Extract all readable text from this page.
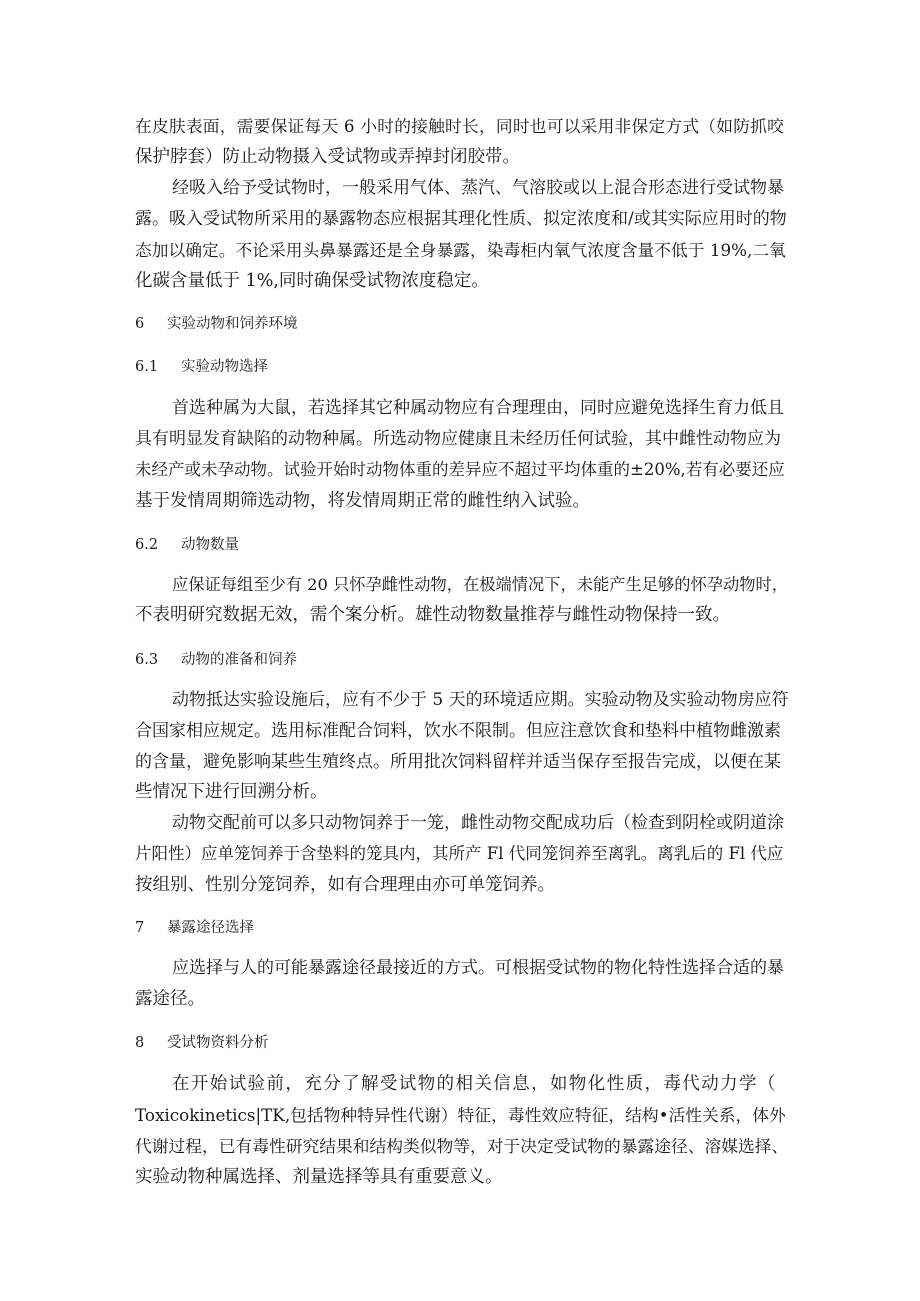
在皮肤表面，需要保证每天 6 小时的接触时长，同时也可以采用非保定方式（如防抓咬

保护脖套）防止动物摄入受试物或弄掉封闭胶带。

经吸入给予受试物时，一般采用气体、蒸汽、气溶胶或以上混合形态进行受试物暴

露。吸入受试物所采用的暴露物态应根据其理化性质、拟定浓度和/或其实际应用时的物

态加以确定。不论采用头鼻暴露还是全身暴露，染毒柜内氧气浓度含量不低于 19%,二氧

化碳含量低于 1%,同时确保受试物浓度稳定。

6 实验动物和饲养环境

6.1 实验动物选择

首选种属为大鼠，若选择其它种属动物应有合理理由，同时应避免选择生育力低且

具有明显发育缺陷的动物种属。所选动物应健康且未经历任何试验，其中雌性动物应为

未经产或未孕动物。试验开始时动物体重的差异应不超过平均体重的±20%,若有必要还应

基于发情周期筛选动物，将发情周期正常的雌性纳入试验。

6.2 动物数量

应保证每组至少有 20 只怀孕雌性动物，在极端情况下，未能产生足够的怀孕动物时，

不表明研究数据无效，需个案分析。雄性动物数量推荐与雌性动物保持一致。

6.3 动物的准备和饲养

动物抵达实验设施后，应有不少于 5 天的环境适应期。实验动物及实验动物房应符

合国家相应规定。选用标准配合饲料，饮水不限制。但应注意饮食和垫料中植物雌激素

的含量，避免影响某些生殖终点。所用批次饲料留样并适当保存至报告完成，以便在某

些情况下进行回溯分析。

动物交配前可以多只动物饲养于一笼，雌性动物交配成功后（检查到阴栓或阴道涂

片阳性）应单笼饲养于含垫料的笼具内，其所产 Fl 代同笼饲养至离乳。离乳后的 Fl 代应

按组别、性别分笼饲养，如有合理理由亦可单笼饲养。

7 暴露途径选择

应选择与人的可能暴露途径最接近的方式。可根据受试物的物化特性选择合适的暴

露途径。

8 受试物资料分析

在开始试验前，充分了解受试物的相关信息，如物化性质，毒代动力学（

Toxicokinetics|TK,包括物种特异性代谢）特征，毒性效应特征，结构•活性关系，体外

代谢过程，已有毒性研究结果和结构类似物等，对于决定受试物的暴露途径、溶媒选择、

实验动物种属选择、剂量选择等具有重要意义。
